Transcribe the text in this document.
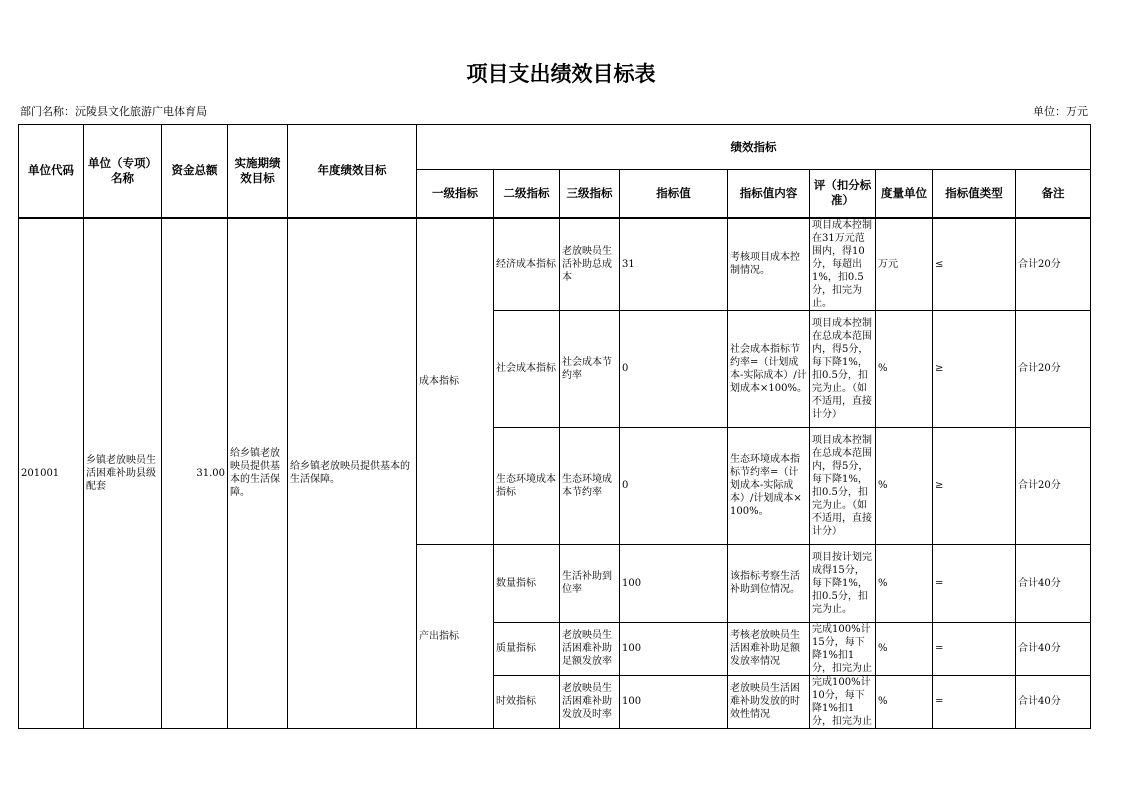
项目支出绩效目标表
部门名称：沅陵县文化旅游广电体育局	单位：万元
单位代码	单位（专项）名称	资金总额	实施期绩效目标	年度绩效目标	绩效指标								
					一级指标	二级指标	三级指标	指标值	指标值内容	评（扣分标准）	度量单位	指标值类型	备注
201001	乡镇老放映员生活困难补助县级配套	31.00	给乡镇老放映员提供基本的生活保障。	给乡镇老放映员提供基本的生活保障。	成本指标	经济成本指标	老放映员生活补助总成本	31	考核项目成本控制情况。	项目成本控制在31万元范围内，得10分，每超出1%，扣0.5分，扣完为止。	万元	≤	合计20分
						社会成本指标	社会成本节约率	0	社会成本指标节约率=（计划成本-实际成本）/计划成本×100%。	项目成本控制在总成本范围内，得5分，每下降1%，扣0.5分，扣完为止。（如不适用，直接计分）	%	≥	合计20分
						生态环境成本指标	生态环境成本节约率	0	生态环境成本指标节约率=（计划成本-实际成本）/计划成本×100%。	项目成本控制在总成本范围内，得5分，每下降1%，扣0.5分，扣完为止。（如不适用，直接计分）	%	≥	合计20分
					产出指标	数量指标	生活补助到位率	100	该指标考察生活补助到位情况。	项目按计划完成得15分，每下降1%，扣0.5分，扣完为止。	%	=	合计40分
						质量指标	老放映员生活困难补助足额发放率	100	考核老放映员生活困难补助足额发放率情况	完成100%计15分，每下降1%扣1分，扣完为止	%	=	合计40分
						时效指标	老放映员生活困难补助发放及时率	100	老放映员生活困难补助发放的时效性情况	完成100%计10分，每下降1%扣1分，扣完为止	%	=	合计40分
